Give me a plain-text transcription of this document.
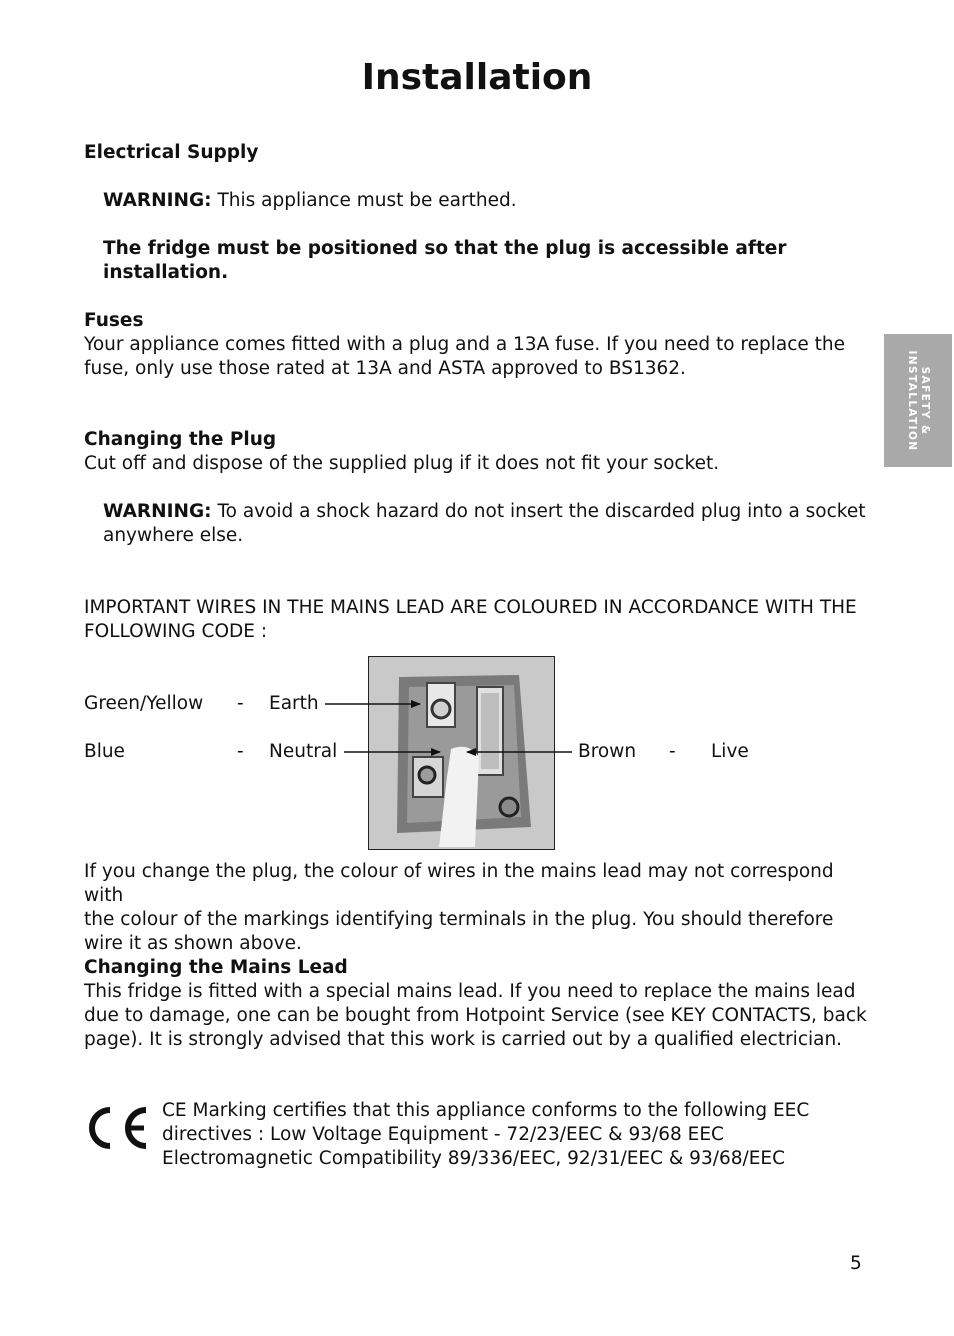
Installation
SAFETY &
INSTALLATION
Electrical Supply
WARNING: This appliance must be earthed.
The fridge must be positioned so that the plug is accessible after
installation.
Fuses
Your appliance comes fitted with a plug and a 13A fuse. If you need to replace the
fuse, only use those rated at 13A and ASTA approved to BS1362.
Changing the Plug
Cut off and dispose of the supplied plug if it does not fit your socket.
WARNING: To avoid a shock hazard do not insert the discarded plug into a socket
anywhere else.
IMPORTANT WIRES IN THE MAINS LEAD ARE COLOURED IN ACCORDANCE WITH THE
FOLLOWING CODE :
Green/Yellow - Earth
Blue	- Neutral	Brown - Live
If you change the plug, the colour of wires in the mains lead may not correspond with
the colour of the markings identifying terminals in the plug. You should therefore
wire it as shown above.
Changing the Mains Lead
This fridge is fitted with a special mains lead. If you need to replace the mains lead
due to damage, one can be bought from Hotpoint Service (see KEY CONTACTS, back
page). It is strongly advised that this work is carried out by a qualified electrician.
CE Marking certifies that this appliance conforms to the following EEC
directives : Low Voltage Equipment - 72/23/EEC & 93/68 EEC
Electromagnetic Compatibility 89/336/EEC, 92/31/EEC & 93/68/EEC
5
